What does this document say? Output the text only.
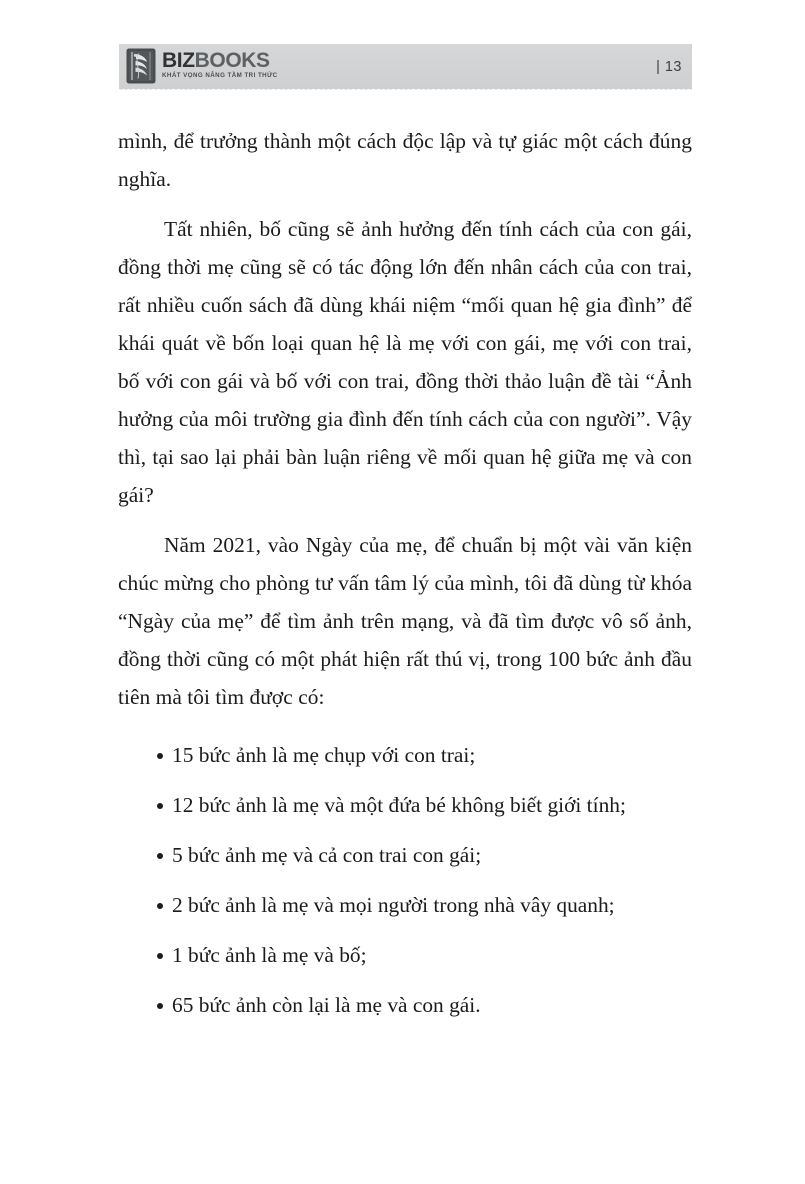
BIZBOOKS
KHÁT VỌNG NÂNG TẦM TRI THỨC
| 13

mình, để trưởng thành một cách độc lập và tự giác một cách đúng nghĩa.

Tất nhiên, bố cũng sẽ ảnh hưởng đến tính cách của con gái, đồng thời mẹ cũng sẽ có tác động lớn đến nhân cách của con trai, rất nhiều cuốn sách đã dùng khái niệm “mối quan hệ gia đình” để khái quát về bốn loại quan hệ là mẹ với con gái, mẹ với con trai, bố với con gái và bố với con trai, đồng thời thảo luận đề tài “Ảnh hưởng của môi trường gia đình đến tính cách của con người”. Vậy thì, tại sao lại phải bàn luận riêng về mối quan hệ giữa mẹ và con gái?

Năm 2021, vào Ngày của mẹ, để chuẩn bị một vài văn kiện chúc mừng cho phòng tư vấn tâm lý của mình, tôi đã dùng từ khóa “Ngày của mẹ” để tìm ảnh trên mạng, và đã tìm được vô số ảnh, đồng thời cũng có một phát hiện rất thú vị, trong 100 bức ảnh đầu tiên mà tôi tìm được có:

15 bức ảnh là mẹ chụp với con trai;
12 bức ảnh là mẹ và một đứa bé không biết giới tính;
5 bức ảnh mẹ và cả con trai con gái;
2 bức ảnh là mẹ và mọi người trong nhà vây quanh;
1 bức ảnh là mẹ và bố;
65 bức ảnh còn lại là mẹ và con gái.
